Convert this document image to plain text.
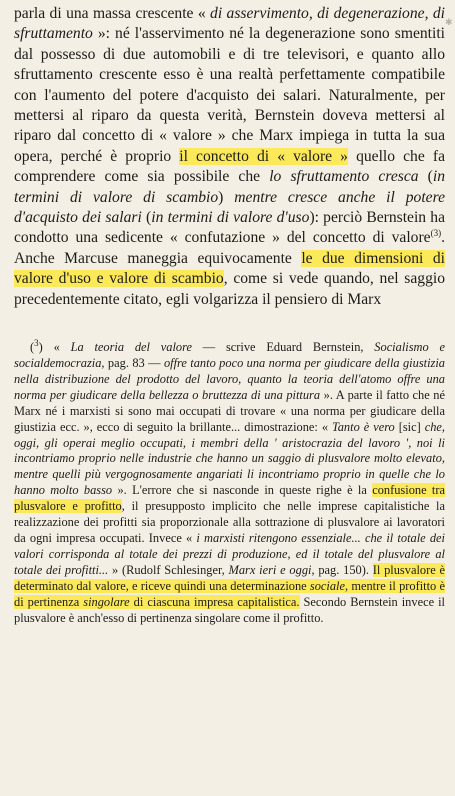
✱

parla di una massa crescente « di asservimento, di degenerazione, di sfruttamento »: né l'asservimento né la degenerazione sono smentiti dal possesso di due automobili e di tre televisori, e quanto allo sfruttamento crescente esso è una realtà perfettamente compatibile con l'aumento del potere d'acquisto dei salari. Naturalmente, per mettersi al riparo da questa verità, Bernstein doveva mettersi al riparo dal concetto di « valore » che Marx impiega in tutta la sua opera, perché è proprio il concetto di « valore » quello che fa comprendere come sia possibile che lo sfruttamento cresca (in termini di valore di scambio) mentre cresce anche il potere d'acquisto dei salari (in termini di valore d'uso): perciò Bernstein ha condotto una sedicente « confutazione » del concetto di valore$^{(3)}$. Anche Marcuse maneggia equivocamente le due dimensioni di valore d'uso e valore di scambio, come si vede quando, nel saggio precedentemente citato, egli volgarizza il pensiero di Marx

($^3$) « La teoria del valore — scrive Eduard Bernstein, Socialismo e socialdemocrazia, pag. 83 — offre tanto poco una norma per giudicare della giustizia nella distribuzione del prodotto del lavoro, quanto la teoria dell'atomo offre una norma per giudicare della bellezza o bruttezza di una pittura ». A parte il fatto che né Marx né i marxisti si sono mai occupati di trovare « una norma per giudicare della giustizia ecc. », ecco di seguito la brillante... dimostrazione: « Tanto è vero [sic] che, oggi, gli operai meglio occupati, i membri della ' aristocrazia del lavoro ', noi li incontriamo proprio nelle industrie che hanno un saggio di plusvalore molto elevato, mentre quelli più vergognosamente angariati li incontriamo proprio in quelle che lo hanno molto basso ». L'errore che si nasconde in queste righe è la confusione tra plusvalore e profitto, il presupposto implicito che nelle imprese capitalistiche la realizzazione dei profitti sia proporzionale alla sottrazione di plusvalore ai lavoratori da ogni impresa occupati. Invece « i marxisti ritengono essenziale... che il totale dei valori corrisponda al totale dei prezzi di produzione, ed il totale del plusvalore al totale dei profitti... » (Rudolf Schlesinger, Marx ieri e oggi, pag. 150). Il plusvalore è determinato dal valore, e riceve quindi una determinazione sociale, mentre il profitto è di pertinenza singolare di ciascuna impresa capitalistica. Secondo Bernstein invece il plusvalore è anch'esso di pertinenza singolare come il profitto.
